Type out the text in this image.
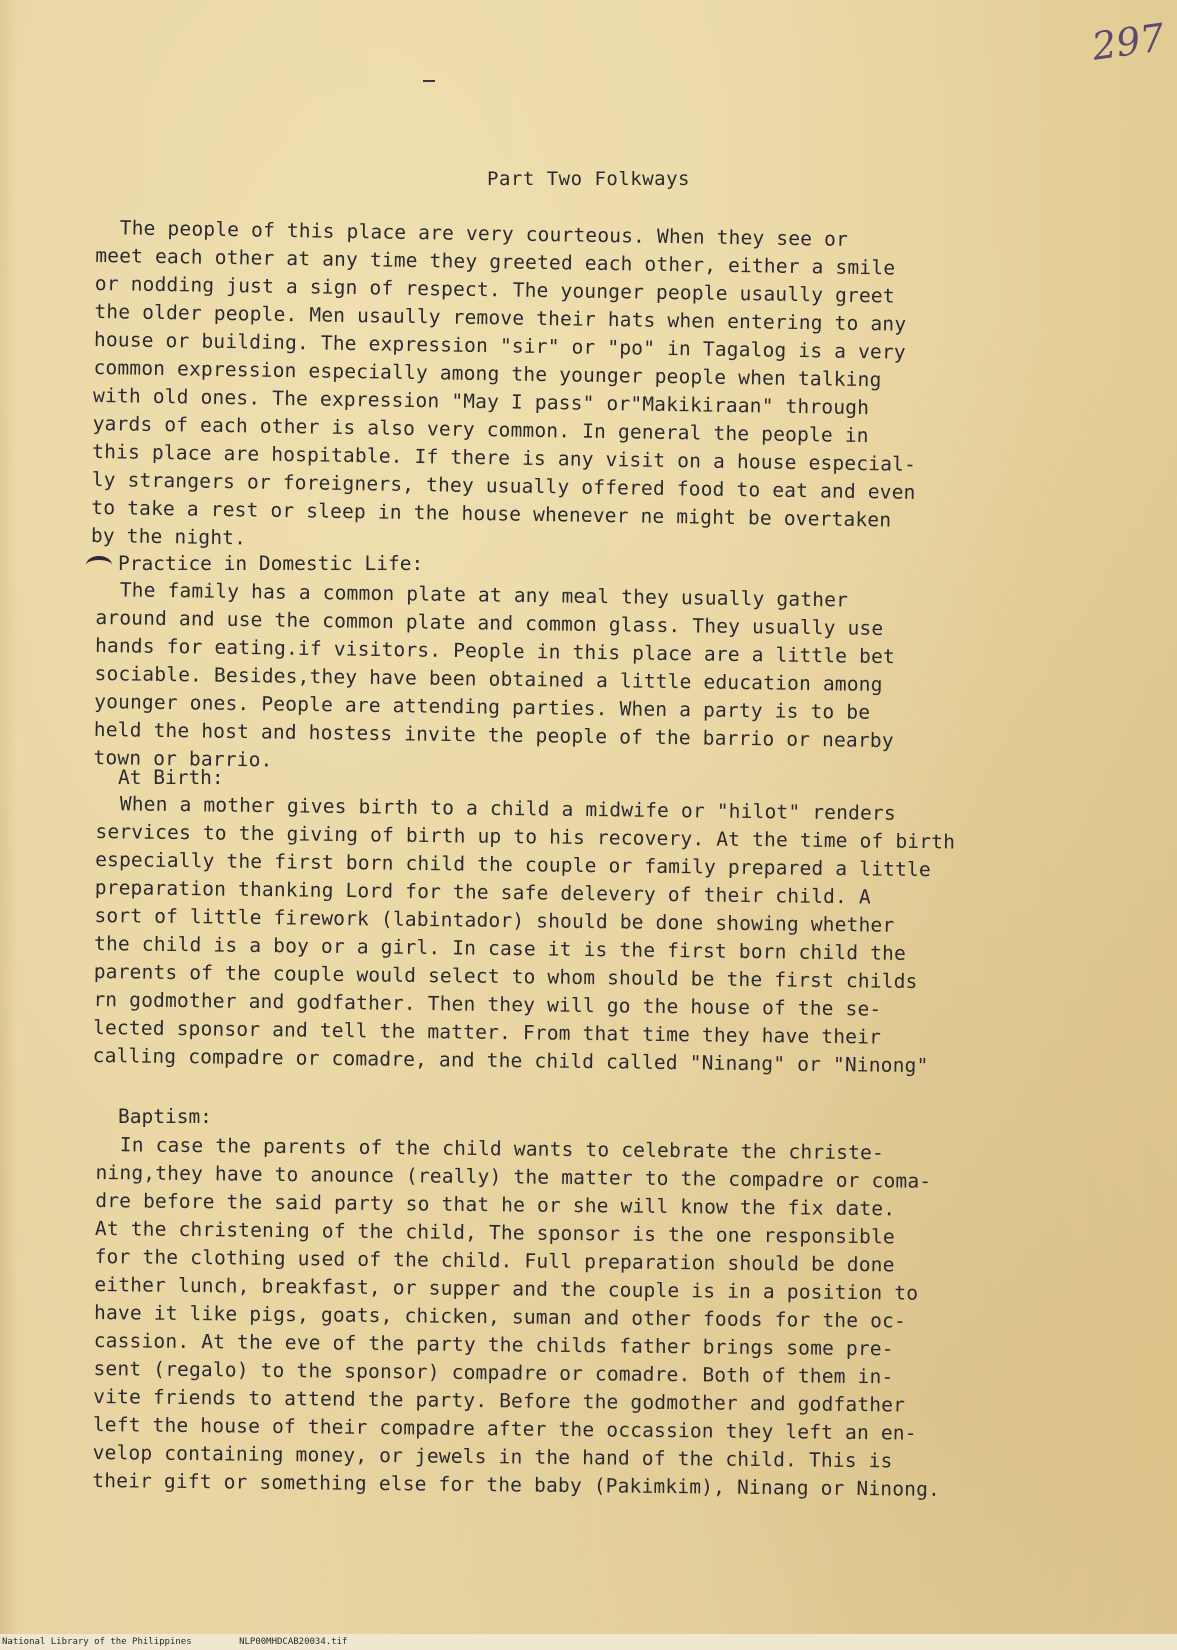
297
Part Two Folkways
The people of this place are very courteous. When they see or
meet each other at any time they greeted each other, either a smile
or nodding just a sign of respect. The younger people usaully greet
the older people. Men usaully remove their hats when entering to any
house or building. The expression "sir" or "po" in Tagalog is a very
common expression especially among the younger people when talking
with old ones. The expression "May I pass" or"Makikiraan" through
yards of each other is also very common. In general the people in
this place are hospitable. If there is any visit on a house especial-
ly strangers or foreigners, they usually offered food to eat and even
to take a rest or sleep in the house whenever ne might be overtaken
by the night.
Practice in Domestic Life:
The family has a common plate at any meal they usually gather
around and use the common plate and common glass. They usually use
hands for eating.if visitors. People in this place are a little bet
sociable. Besides,they have been obtained a little education among
younger ones. People are attending parties. When a party is to be
held the host and hostess invite the people of the barrio or nearby
town or barrio.
At Birth:
When a mother gives birth to a child a midwife or "hilot" renders
services to the giving of birth up to his recovery. At the time of birth
especially the first born child the couple or family prepared a little
preparation thanking Lord for the safe delevery of their child. A
sort of little firework (labintador) should be done showing whether
the child is a boy or a girl. In case it is the first born child the
parents of the couple would select to whom should be the first childs
rn godmother and godfather. Then they will go the house of the se-
lected sponsor and tell the matter. From that time they have their
calling compadre or comadre, and the child called "Ninang" or "Ninong"
Baptism:
In case the parents of the child wants to celebrate the christe-
ning,they have to anounce (really) the matter to the compadre or coma-
dre before the said party so that he or she will know the fix date.
At the christening of the child, The sponsor is the one responsible
for the clothing used of the child. Full preparation should be done
either lunch, breakfast, or supper and the couple is in a position to
have it like pigs, goats, chicken, suman and other foods for the oc-
cassion. At the eve of the party the childs father brings some pre-
sent (regalo) to the sponsor) compadre or comadre. Both of them in-
vite friends to attend the party. Before the godmother and godfather
left the house of their compadre after the occassion they left an en-
velop containing money, or jewels in the hand of the child. This is
their gift or something else for the baby (Pakimkim), Ninang or Ninong.
National Library of the Philippines	NLP00MHDCAB20034.tif
